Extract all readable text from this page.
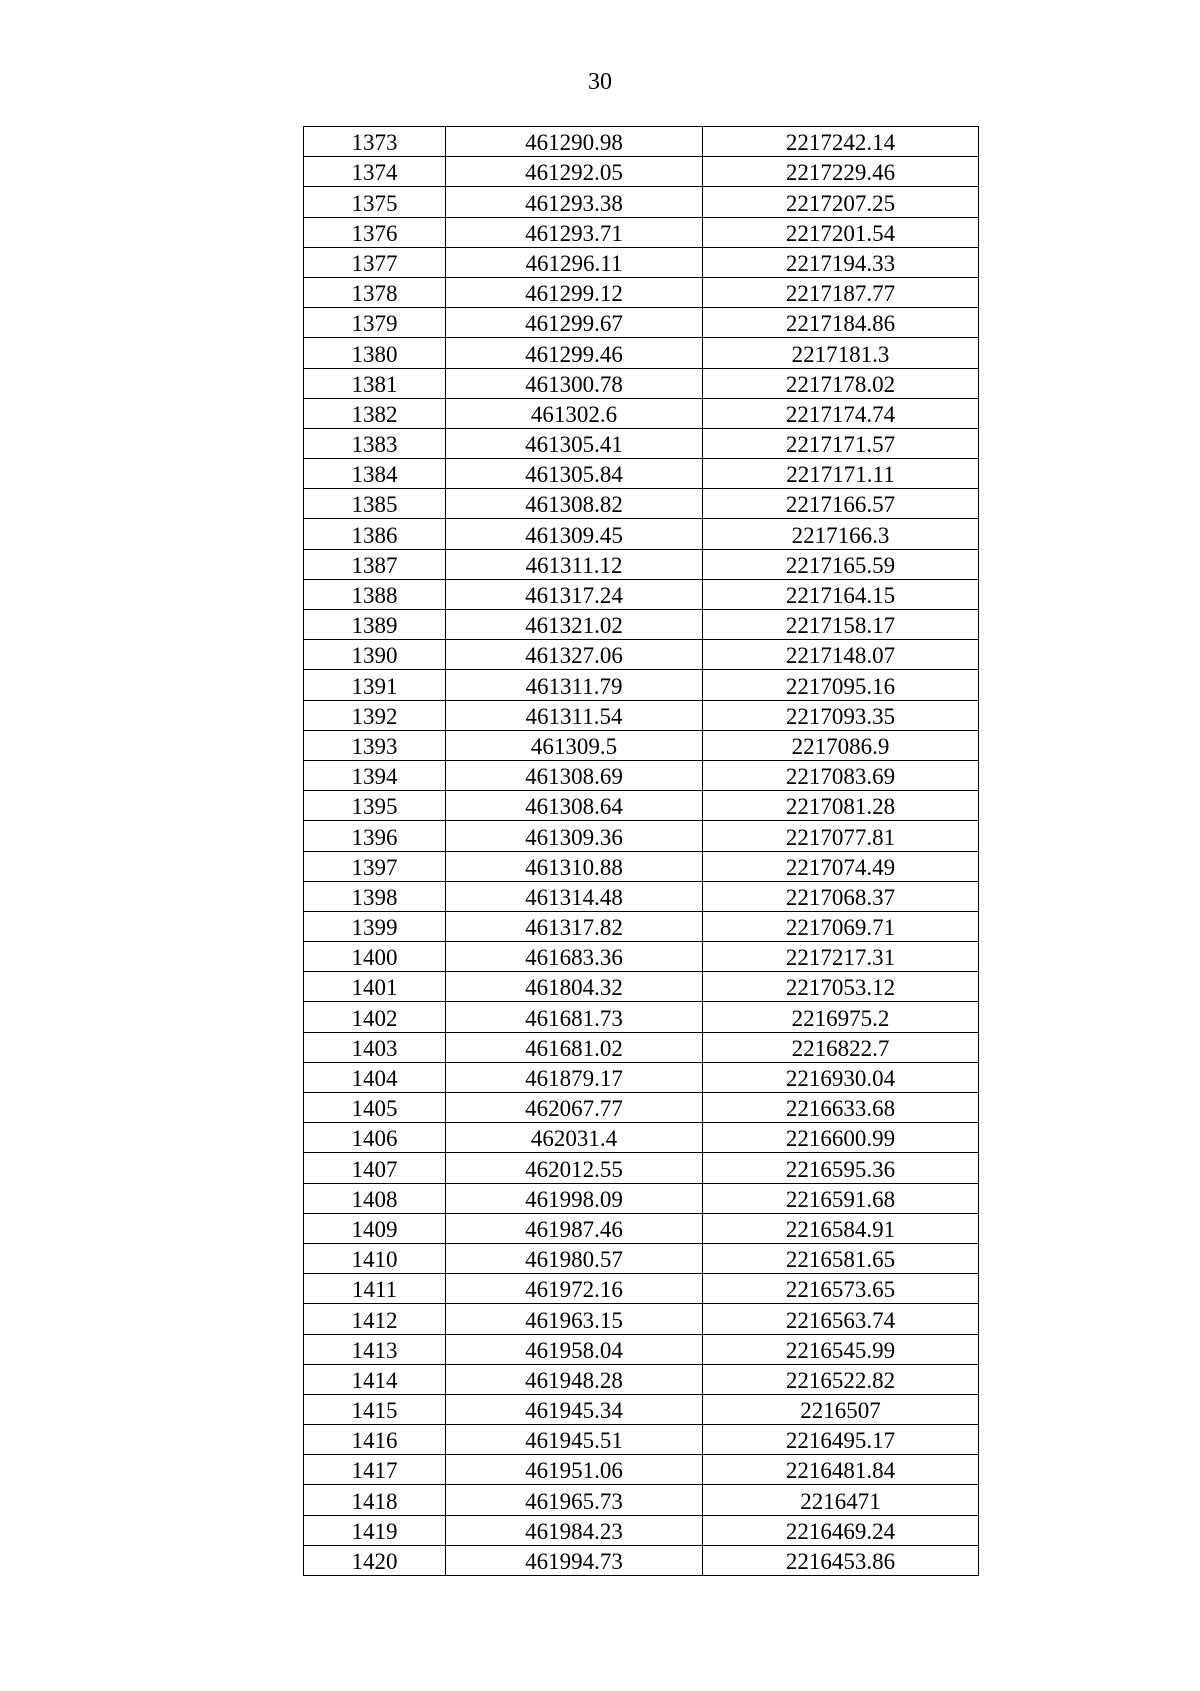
30
1373	461290.98	2217242.14
1374	461292.05	2217229.46
1375	461293.38	2217207.25
1376	461293.71	2217201.54
1377	461296.11	2217194.33
1378	461299.12	2217187.77
1379	461299.67	2217184.86
1380	461299.46	2217181.3
1381	461300.78	2217178.02
1382	461302.6	2217174.74
1383	461305.41	2217171.57
1384	461305.84	2217171.11
1385	461308.82	2217166.57
1386	461309.45	2217166.3
1387	461311.12	2217165.59
1388	461317.24	2217164.15
1389	461321.02	2217158.17
1390	461327.06	2217148.07
1391	461311.79	2217095.16
1392	461311.54	2217093.35
1393	461309.5	2217086.9
1394	461308.69	2217083.69
1395	461308.64	2217081.28
1396	461309.36	2217077.81
1397	461310.88	2217074.49
1398	461314.48	2217068.37
1399	461317.82	2217069.71
1400	461683.36	2217217.31
1401	461804.32	2217053.12
1402	461681.73	2216975.2
1403	461681.02	2216822.7
1404	461879.17	2216930.04
1405	462067.77	2216633.68
1406	462031.4	2216600.99
1407	462012.55	2216595.36
1408	461998.09	2216591.68
1409	461987.46	2216584.91
1410	461980.57	2216581.65
1411	461972.16	2216573.65
1412	461963.15	2216563.74
1413	461958.04	2216545.99
1414	461948.28	2216522.82
1415	461945.34	2216507
1416	461945.51	2216495.17
1417	461951.06	2216481.84
1418	461965.73	2216471
1419	461984.23	2216469.24
1420	461994.73	2216453.86
